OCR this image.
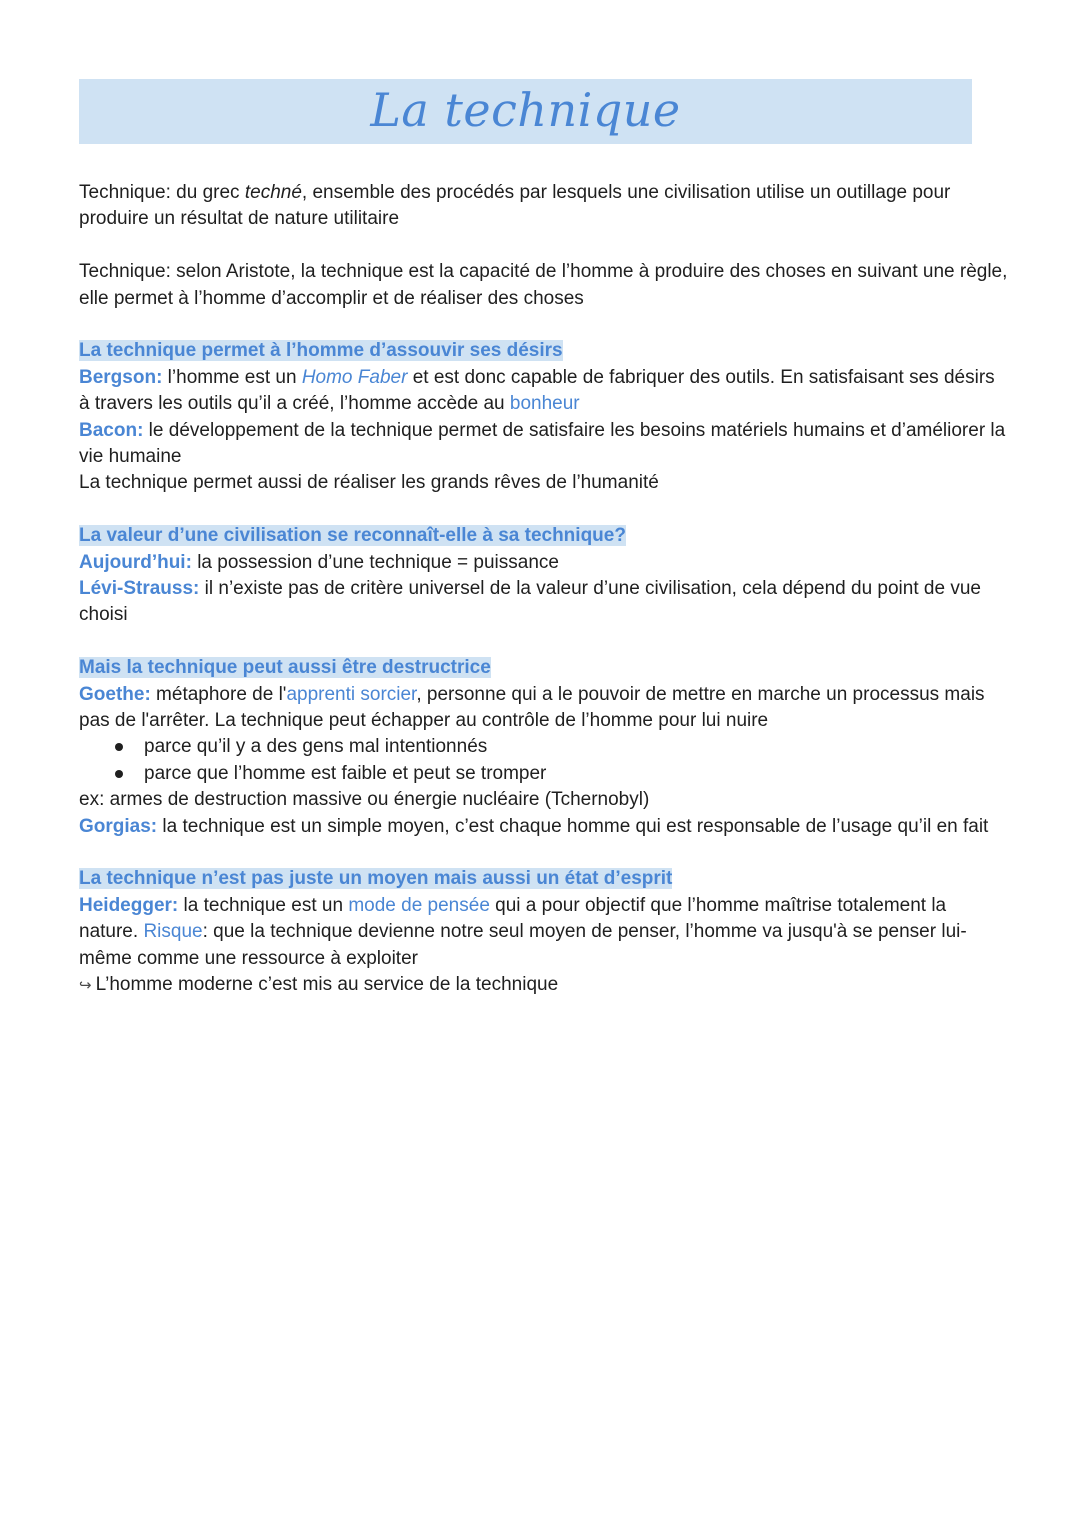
La technique

Technique: du grec techné, ensemble des procédés par lesquels une civilisation utilise un outillage pour produire un résultat de nature utilitaire

Technique: selon Aristote, la technique est la capacité de l’homme à produire des choses en suivant une règle, elle permet à l’homme d’accomplir et de réaliser des choses

La technique permet à l’homme d’assouvir ses désirs

Bergson: l’homme est un Homo Faber et est donc capable de fabriquer des outils. En satisfaisant ses désirs à travers les outils qu’il a créé, l’homme accède au bonheur

Bacon: le développement de la technique permet de satisfaire les besoins matériels humains et d’améliorer la vie humaine

La technique permet aussi de réaliser les grands rêves de l’humanité

La valeur d’une civilisation se reconnaît-elle à sa technique?

Aujourd’hui: la possession d’une technique = puissance

Lévi-Strauss: il n’existe pas de critère universel de la valeur d’une civilisation, cela dépend du point de vue choisi

Mais la technique peut aussi être destructrice

Goethe: métaphore de l'apprenti sorcier, personne qui a le pouvoir de mettre en marche un processus mais pas de l'arrêter. La technique peut échapper au contrôle de l’homme pour lui nuire

parce qu’il y a des gens mal intentionnés
parce que l’homme est faible et peut se tromper

ex: armes de destruction massive ou énergie nucléaire (Tchernobyl)

Gorgias: la technique est un simple moyen, c’est chaque homme qui est responsable de l’usage qu’il en fait

La technique n’est pas juste un moyen mais aussi un état d’esprit

Heidegger: la technique est un mode de pensée qui a pour objectif que l’homme maîtrise totalement la nature. Risque: que la technique devienne notre seul moyen de penser, l’homme va jusqu'à se penser lui-même comme une ressource à exploiter

↪ L’homme moderne c’est mis au service de la technique
